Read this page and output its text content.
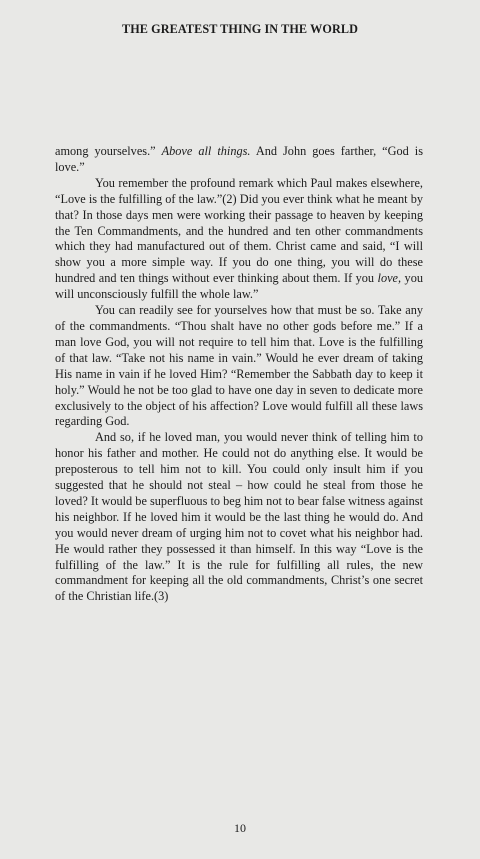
THE GREATEST THING IN THE WORLD

among yourselves.” Above all things. And John goes farther, “God is love.”

You remember the profound remark which Paul makes elsewhere, “Love is the fulfilling of the law.”(2) Did you ever think what he meant by that? In those days men were working their passage to heaven by keeping the Ten Commandments, and the hundred and ten other commandments which they had manufactured out of them. Christ came and said, “I will show you a more simple way. If you do one thing, you will do these hundred and ten things without ever thinking about them. If you love, you will unconsciously fulfill the whole law.”

You can readily see for yourselves how that must be so. Take any of the commandments. “Thou shalt have no other gods before me.” If a man love God, you will not require to tell him that. Love is the fulfilling of that law. “Take not his name in vain.” Would he ever dream of taking His name in vain if he loved Him? “Remember the Sabbath day to keep it holy.” Would he not be too glad to have one day in seven to dedicate more exclusively to the object of his affection? Love would fulfill all these laws regarding God.

And so, if he loved man, you would never think of telling him to honor his father and mother. He could not do anything else. It would be preposterous to tell him not to kill. You could only insult him if you suggested that he should not steal – how could he steal from those he loved? It would be superfluous to beg him not to bear false witness against his neighbor. If he loved him it would be the last thing he would do. And you would never dream of urging him not to covet what his neighbor had. He would rather they possessed it than himself. In this way “Love is the fulfilling of the law.” It is the rule for fulfilling all rules, the new commandment for keeping all the old commandments, Christ’s one secret of the Christian life.(3)

10
